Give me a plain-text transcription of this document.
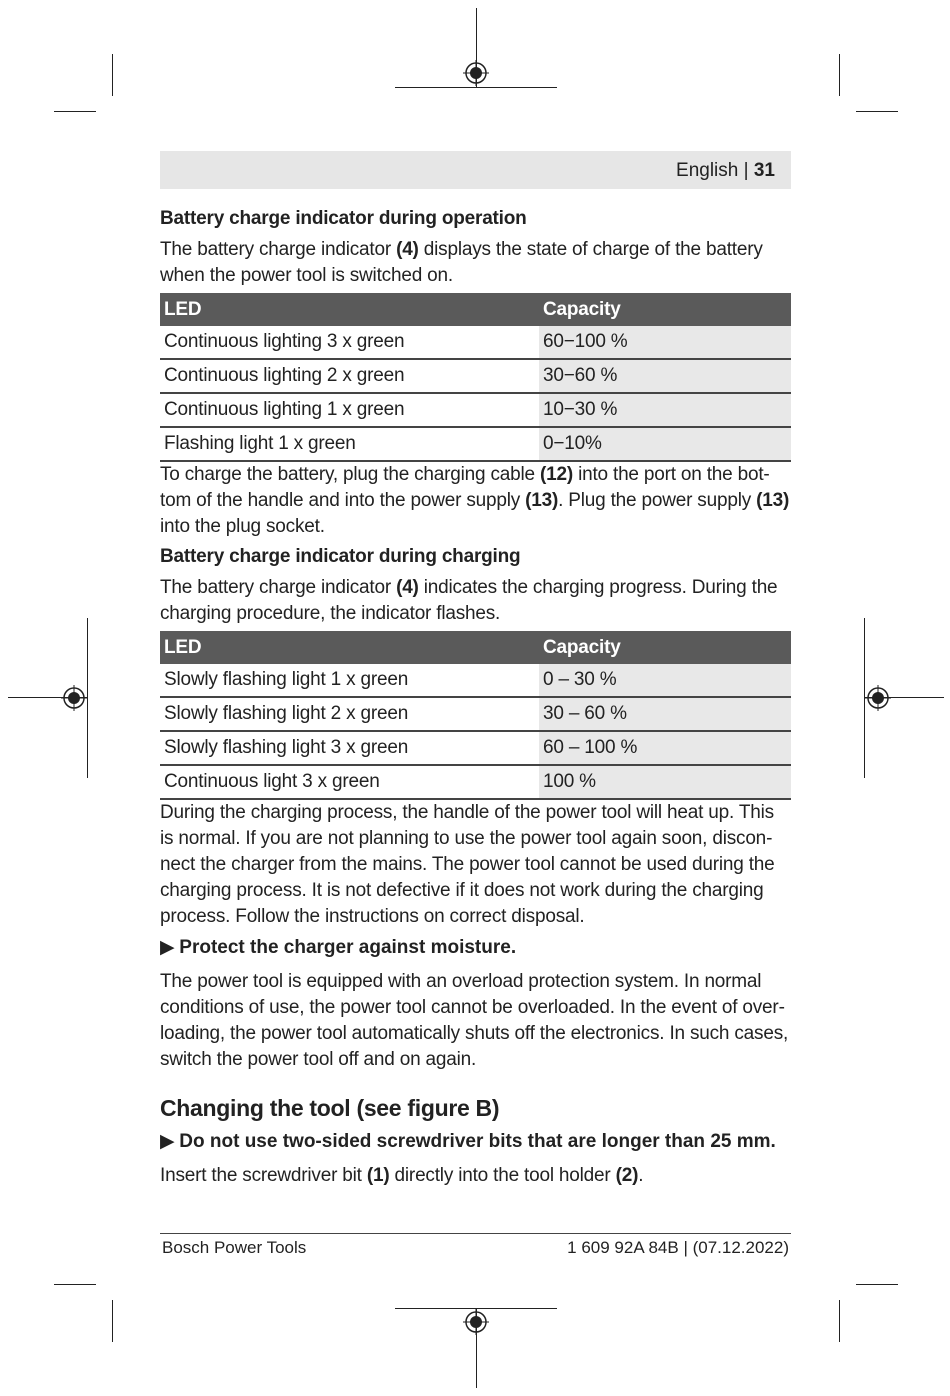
English | 31

Battery charge indicator during operation

The battery charge indicator (4) displays the state of charge of the battery when the power tool is switched on.

LED	Capacity
Continuous lighting 3 x green	60−100 %
Continuous lighting 2 x green	30−60 %
Continuous lighting 1 x green	10−30 %
Flashing light 1 x green	0−10%

To charge the battery, plug the charging cable (12) into the port on the bottom of the handle and into the power supply (13). Plug the power supply (13) into the plug socket.

Battery charge indicator during charging

The battery charge indicator (4) indicates the charging progress. During the charging procedure, the indicator flashes.

LED	Capacity
Slowly flashing light 1 x green	0 – 30 %
Slowly flashing light 2 x green	30 – 60 %
Slowly flashing light 3 x green	60 – 100 %
Continuous light 3 x green	100 %

During the charging process, the handle of the power tool will heat up. This is normal. If you are not planning to use the power tool again soon, disconnect the charger from the mains. The power tool cannot be used during the charging process. It is not defective if it does not work during the charging process. Follow the instructions on correct disposal.

▶ Protect the charger against moisture.

The power tool is equipped with an overload protection system. In normal conditions of use, the power tool cannot be overloaded. In the event of overloading, the power tool automatically shuts off the electronics. In such cases, switch the power tool off and on again.

Changing the tool (see figure B)

▶ Do not use two-sided screwdriver bits that are longer than 25 mm.

Insert the screwdriver bit (1) directly into the tool holder (2).

Bosch Power Tools	1 609 92A 84B | (07.12.2022)
